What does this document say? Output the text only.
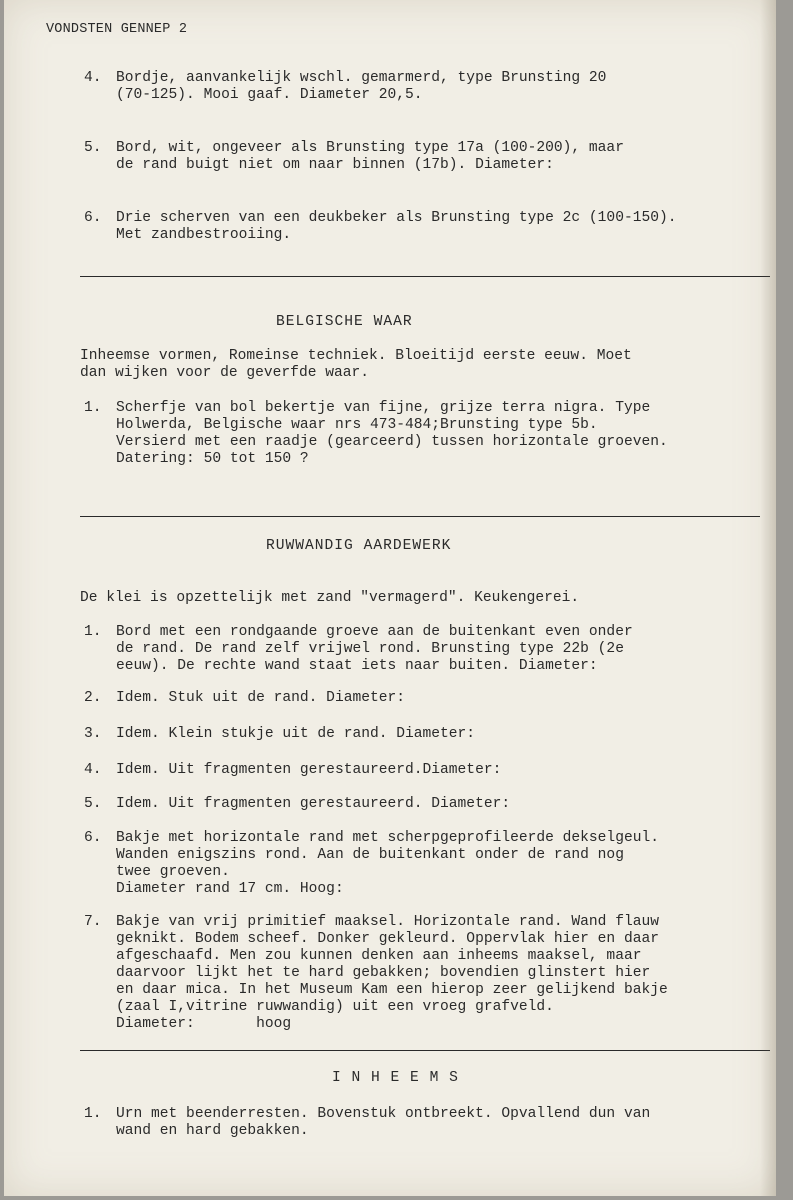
VONDSTEN GENNEP 2
4. Bordje, aanvankelijk wschl. gemarmerd, type Brunsting 20
(70-125). Mooi gaaf. Diameter 20,5.
5. Bord, wit, ongeveer als Brunsting type 17a (100-200), maar
de rand buigt niet om naar binnen (17b). Diameter:
6. Drie scherven van een deukbeker als Brunsting type 2c (100-150).
Met zandbestrooiing.
BELGISCHE WAAR
Inheemse vormen, Romeinse techniek. Bloeitijd eerste eeuw. Moet
dan wijken voor de geverfde waar.
1. Scherfje van bol bekertje van fijne, grijze terra nigra. Type
Holwerda, Belgische waar nrs 473-484;Brunsting type 5b.
Versierd met een raadje (gearceerd) tussen horizontale groeven.
Datering: 50 tot 150 ?
RUWWANDIG AARDEWERK
De klei is opzettelijk met zand "vermagerd". Keukengerei.
1. Bord met een rondgaande groeve aan de buitenkant even onder
de rand. De rand zelf vrijwel rond. Brunsting type 22b (2e
eeuw). De rechte wand staat iets naar buiten. Diameter:
2. Idem. Stuk uit de rand. Diameter:
3. Idem. Klein stukje uit de rand. Diameter:
4. Idem. Uit fragmenten gerestaureerd.Diameter:
5. Idem. Uit fragmenten gerestaureerd. Diameter:
6. Bakje met horizontale rand met scherpgeprofileerde dekselgeul.
Wanden enigszins rond. Aan de buitenkant onder de rand nog
twee groeven.
Diameter rand 17 cm. Hoog:
7. Bakje van vrij primitief maaksel. Horizontale rand. Wand flauw
geknikt. Bodem scheef. Donker gekleurd. Oppervlak hier en daar
afgeschaafd. Men zou kunnen denken aan inheems maaksel, maar
daarvoor lijkt het te hard gebakken; bovendien glinstert hier
en daar mica. In het Museum Kam een hierop zeer gelijkend bakje
(zaal I,vitrine ruwwandig) uit een vroeg grafveld.
Diameter:       hoog
I N H E E M S
1. Urn met beenderresten. Bovenstuk ontbreekt. Opvallend dun van
wand en hard gebakken.
